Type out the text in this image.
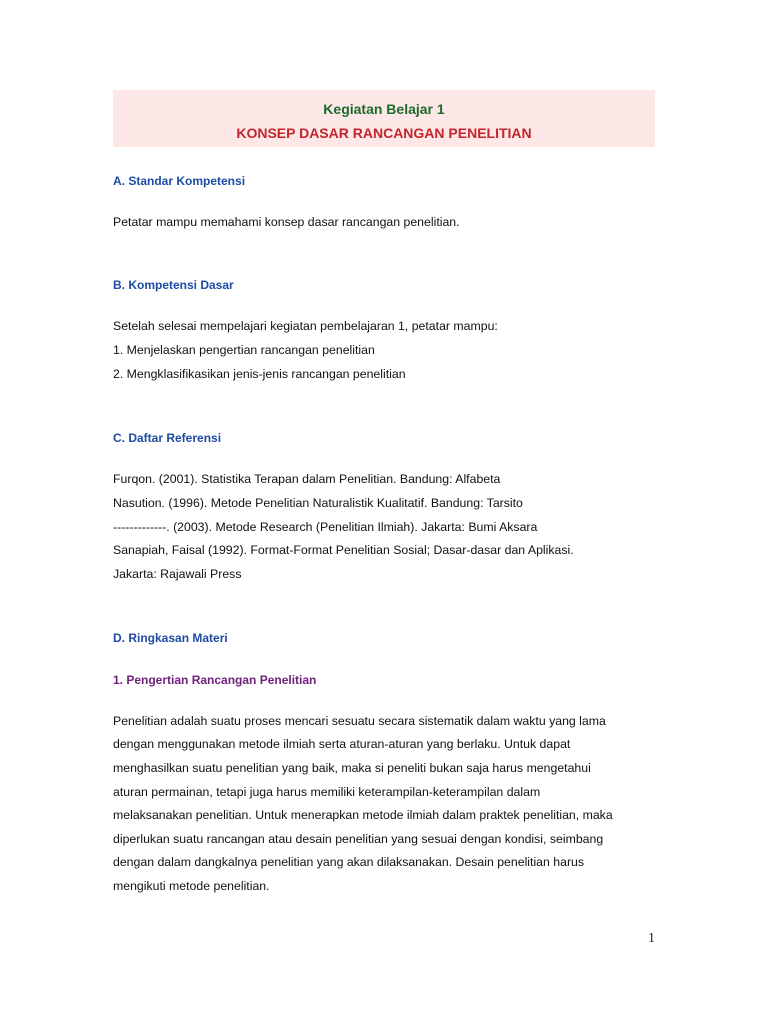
Kegiatan Belajar 1

KONSEP DASAR RANCANGAN PENELITIAN

A. Standar Kompetensi

Petatar mampu memahami konsep dasar rancangan penelitian.

B. Kompetensi Dasar

Setelah selesai mempelajari kegiatan pembelajaran 1, petatar mampu:

1. Menjelaskan pengertian rancangan penelitian

2. Mengklasifikasikan jenis-jenis rancangan penelitian

C. Daftar Referensi

Furqon. (2001). Statistika Terapan dalam Penelitian. Bandung: Alfabeta

Nasution. (1996). Metode Penelitian Naturalistik Kualitatif. Bandung: Tarsito

-------------. (2003). Metode Research (Penelitian Ilmiah). Jakarta: Bumi Aksara

Sanapiah, Faisal (1992). Format-Format Penelitian Sosial; Dasar-dasar dan Aplikasi.

Jakarta: Rajawali Press

D. Ringkasan Materi

1. Pengertian Rancangan Penelitian

Penelitian adalah suatu proses mencari sesuatu secara sistematik dalam waktu yang lama

dengan menggunakan metode ilmiah serta aturan-aturan yang berlaku. Untuk dapat

menghasilkan suatu penelitian yang baik, maka si peneliti bukan saja harus mengetahui

aturan permainan, tetapi juga harus memiliki keterampilan-keterampilan dalam

melaksanakan penelitian. Untuk menerapkan metode ilmiah dalam praktek penelitian, maka

diperlukan suatu rancangan atau desain penelitian yang sesuai dengan kondisi, seimbang

dengan dalam dangkalnya penelitian yang akan dilaksanakan. Desain penelitian harus

mengikuti metode penelitian.

1
